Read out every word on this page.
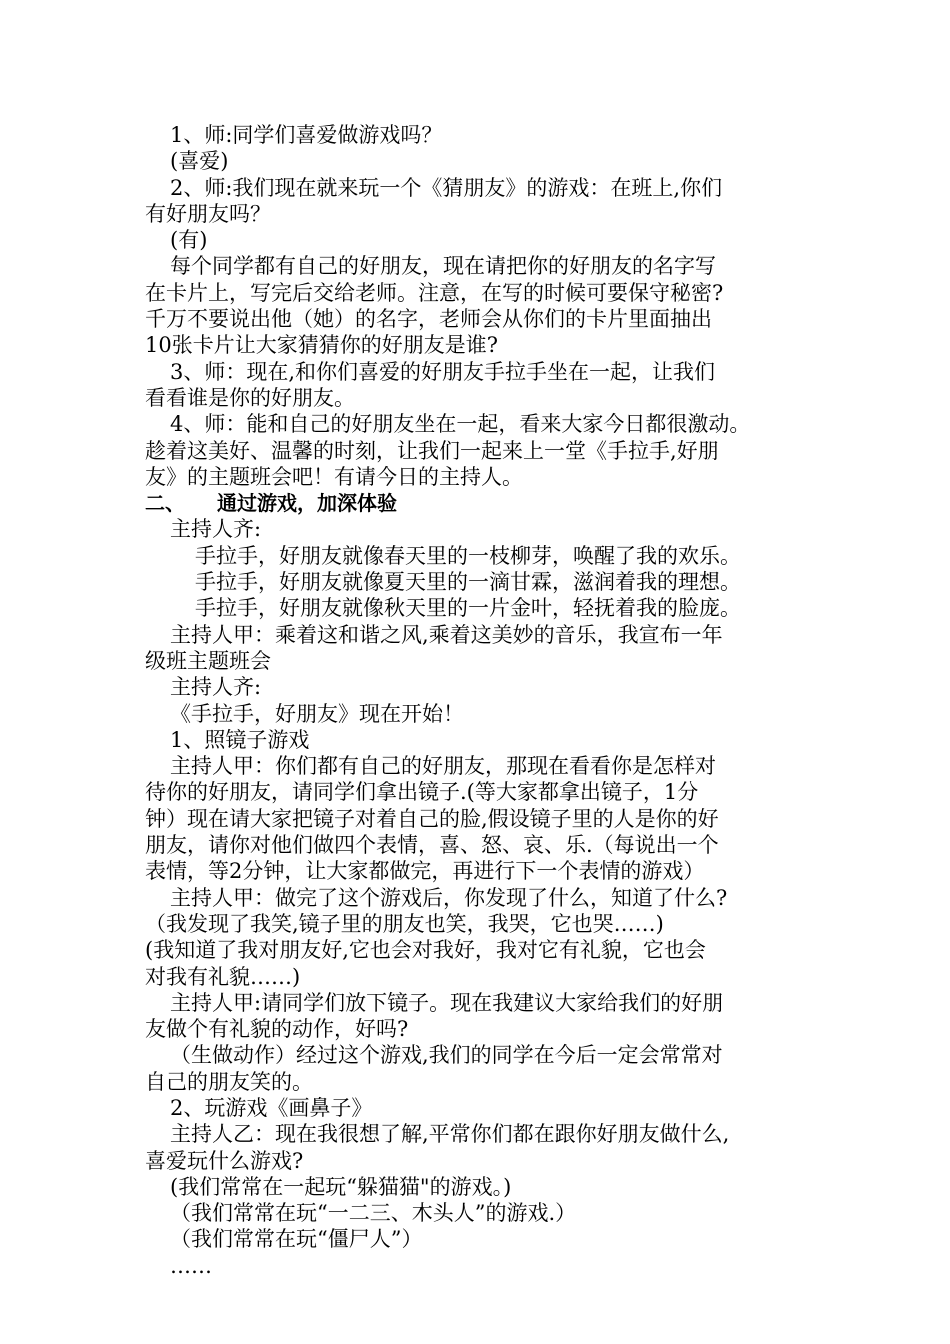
1、师:同学们喜爱做游戏吗？

(喜爱)

2、师:我们现在就来玩一个《猜朋友》的游戏：在班上,你们

有好朋友吗？

(有)

每个同学都有自己的好朋友，现在请把你的好朋友的名字写

在卡片上，写完后交给老师。注意，在写的时候可要保守秘密?

千万不要说出他（她）的名字，老师会从你们的卡片里面抽出

10张卡片让大家猜猜你的好朋友是谁?

3、师：现在,和你们喜爱的好朋友手拉手坐在一起，让我们

看看谁是你的好朋友。

4、师：能和自己的好朋友坐在一起，看来大家今日都很激动。

趁着这美好、温馨的时刻，让我们一起来上一堂《手拉手,好朋

友》的主题班会吧！有请今日的主持人。

二、 通过游戏，加深体验

主持人齐:

手拉手，好朋友就像春天里的一枝柳芽，唤醒了我的欢乐。

手拉手，好朋友就像夏天里的一滴甘霖，滋润着我的理想。

手拉手，好朋友就像秋天里的一片金叶，轻抚着我的脸庞。

主持人甲：乘着这和谐之风,乘着这美妙的音乐，我宣布一年

级班主题班会

主持人齐:

《手拉手，好朋友》现在开始！

1、照镜子游戏

主持人甲：你们都有自己的好朋友，那现在看看你是怎样对

待你的好朋友，请同学们拿出镜子.(等大家都拿出镜子，1分

钟）现在请大家把镜子对着自己的脸,假设镜子里的人是你的好

朋友，请你对他们做四个表情，喜、怒、哀、乐.（每说出一个

表情，等2分钟，让大家都做完，再进行下一个表情的游戏）

主持人甲：做完了这个游戏后，你发现了什么，知道了什么?

（我发现了我笑,镜子里的朋友也笑，我哭，它也哭……)

(我知道了我对朋友好,它也会对我好，我对它有礼貌，它也会

对我有礼貌……)

主持人甲:请同学们放下镜子。现在我建议大家给我们的好朋

友做个有礼貌的动作，好吗?

（生做动作）经过这个游戏,我们的同学在今后一定会常常对

自己的朋友笑的。

2、玩游戏《画鼻子》

主持人乙：现在我很想了解,平常你们都在跟你好朋友做什么,

喜爱玩什么游戏?

(我们常常在一起玩“躲猫猫"的游戏。)

（我们常常在玩“一二三、木头人”的游戏.）

（我们常常在玩“僵尸人”）

……
